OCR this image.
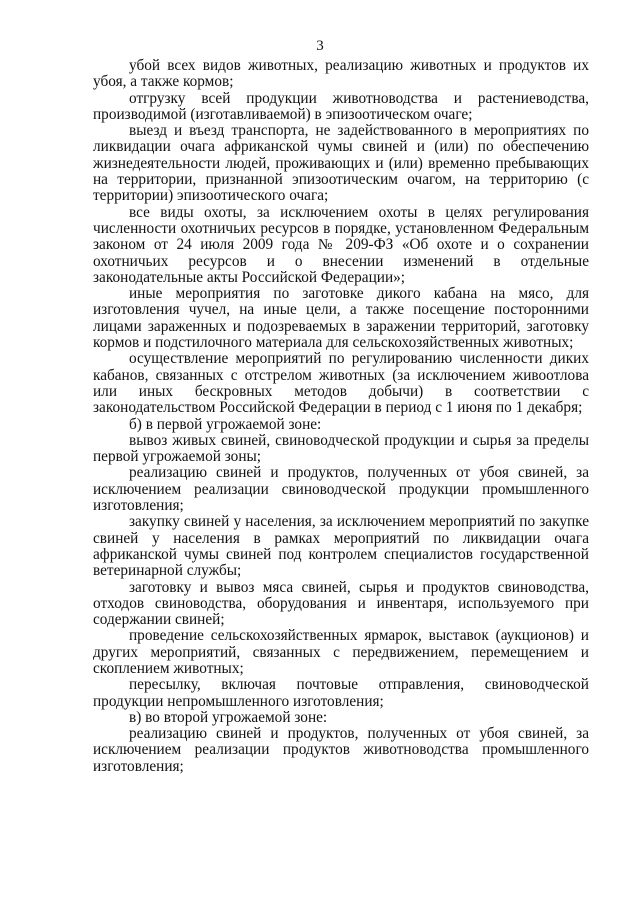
3

убой всех видов животных, реализацию животных и продуктов их убоя, а также кормов;

отгрузку всей продукции животноводства и растениеводства, производимой (изготавливаемой) в эпизоотическом очаге;

выезд и въезд транспорта, не задействованного в мероприятиях по ликвидации очага африканской чумы свиней и (или) по обеспечению жизнедеятельности людей, проживающих и (или) временно пребывающих на территории, признанной эпизоотическим очагом, на территорию (с территории) эпизоотического очага;

все виды охоты, за исключением охоты в целях регулирования численности охотничьих ресурсов в порядке, установленном Федеральным законом от 24 июля 2009 года № 209-ФЗ «Об охоте и о сохранении охотничьих ресурсов и о внесении изменений в отдельные законодательные акты Российской Федерации»;

иные мероприятия по заготовке дикого кабана на мясо, для изготовления чучел, на иные цели, а также посещение посторонними лицами зараженных и подозреваемых в заражении территорий, заготовку кормов и подстилочного материала для сельскохозяйственных животных;

осуществление мероприятий по регулированию численности диких кабанов, связанных с отстрелом животных (за исключением живоотлова или иных бескровных методов добычи) в соответствии с законодательством Российской Федерации в период с 1 июня по 1 декабря;

б) в первой угрожаемой зоне:

вывоз живых свиней, свиноводческой продукции и сырья за пределы первой угрожаемой зоны;

реализацию свиней и продуктов, полученных от убоя свиней, за исключением реализации свиноводческой продукции промышленного изготовления;

закупку свиней у населения, за исключением мероприятий по закупке свиней у населения в рамках мероприятий по ликвидации очага африканской чумы свиней под контролем специалистов государственной ветеринарной службы;

заготовку и вывоз мяса свиней, сырья и продуктов свиноводства, отходов свиноводства, оборудования и инвентаря, используемого при содержании свиней;

проведение сельскохозяйственных ярмарок, выставок (аукционов) и других мероприятий, связанных с передвижением, перемещением и скоплением животных;

пересылку, включая почтовые отправления, свиноводческой продукции непромышленного изготовления;

в) во второй угрожаемой зоне:

реализацию свиней и продуктов, полученных от убоя свиней, за исключением реализации продуктов животноводства промышленного изготовления;
